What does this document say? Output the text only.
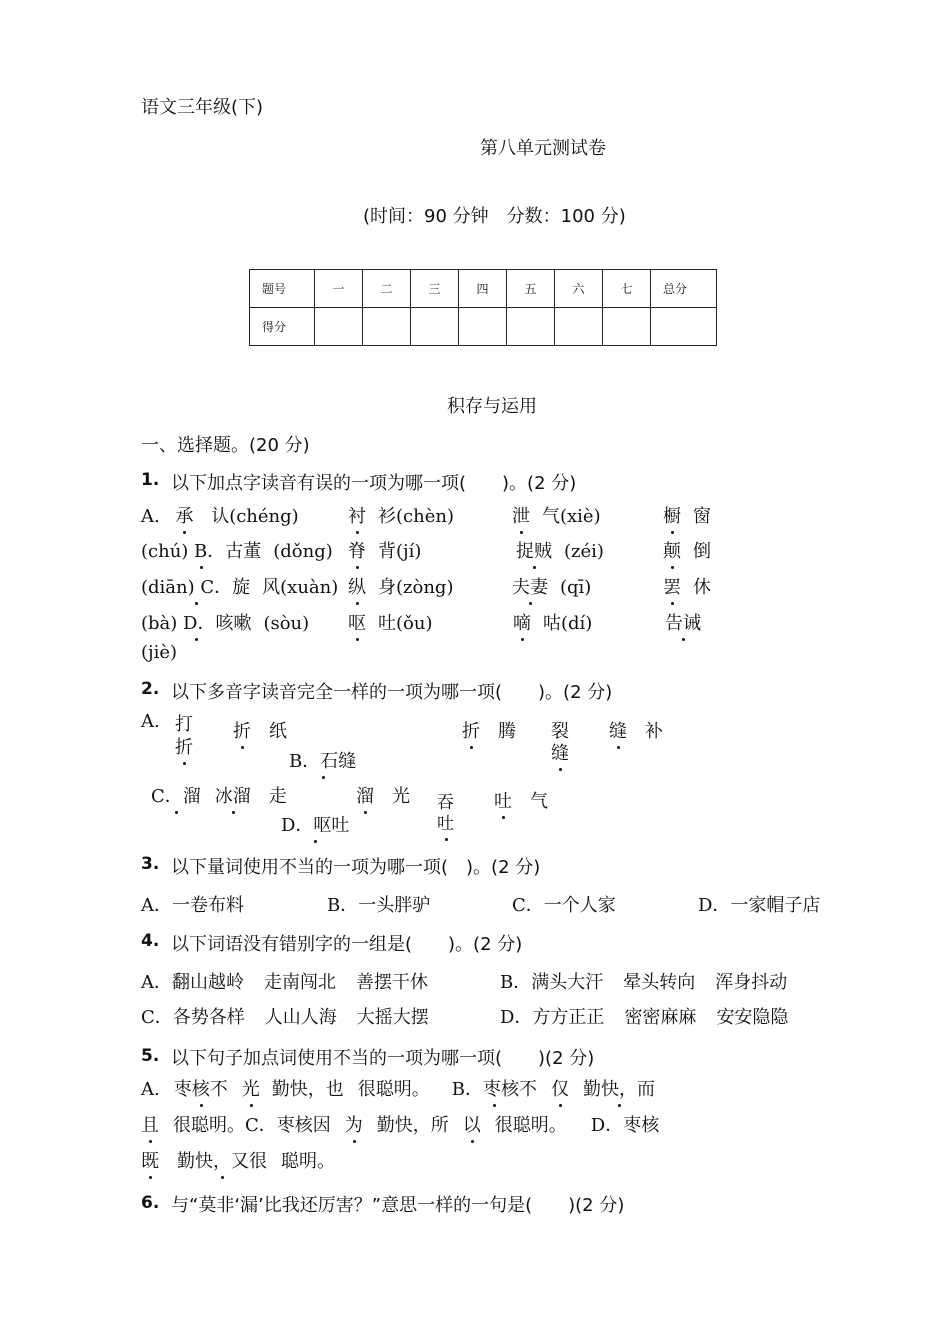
语文三年级(下)
第八单元测试卷
(时间：90 分钟　分数：100 分)
题号	一	二	三	四	五	六	七	总分
得分								
积存与运用
一、选择题。(20 分)
1. 以下加点字读音有误的一项为哪一项(　　)。(2 分)
A. 承 认(chéng)	衬 衫(chèn)	泄 气(xiè)	橱 窗
(chú) B．古董 (dǒng) 脊 背(jí)	捉贼 (zéi)	颠 倒
(diān) C．旋 风(xuàn) 纵 身(zòng)	夫妻 (qī)	罢 休
(bà) D．咳嗽 (sòu) 呕 吐(ǒu)	嘀 咕(dí)	告诫
(jiè)
2. 以下多音字读音完全一样的一项为哪一项(　　)。(2 分)
A. 打
折
折 纸
B．石缝
折 腾 裂
缝
缝 补
C．溜 冰溜 走	溜 光
D．呕吐
吞
吐
吐 气
3. 以下量词使用不当的一项为哪一项(　)。(2 分)
A．一卷布料	B．一头胖驴	C．一个人家	D．一家帽子店
4. 以下词语没有错别字的一组是(　　)。(2 分)
A．翻山越岭 走南闯北 善摆干休	B．满头大汗 晕头转向 浑身抖动
C．各势各样 人山人海 大摇大摆	D．方方正正 密密麻麻 安安隐隐
5. 以下句子加点词使用不当的一项为哪一项(　　)(2 分)
A. 枣核不 光 勤快，也 很聪明。 B．枣核不 仅 勤快，而
且 很聪明。C．枣核因 为 勤快，所 以 很聪明。 D．枣核
既 勤快，又很 聪明。
6. 与“莫非‘漏’比我还厉害？”意思一样的一句是(　　)(2 分)
